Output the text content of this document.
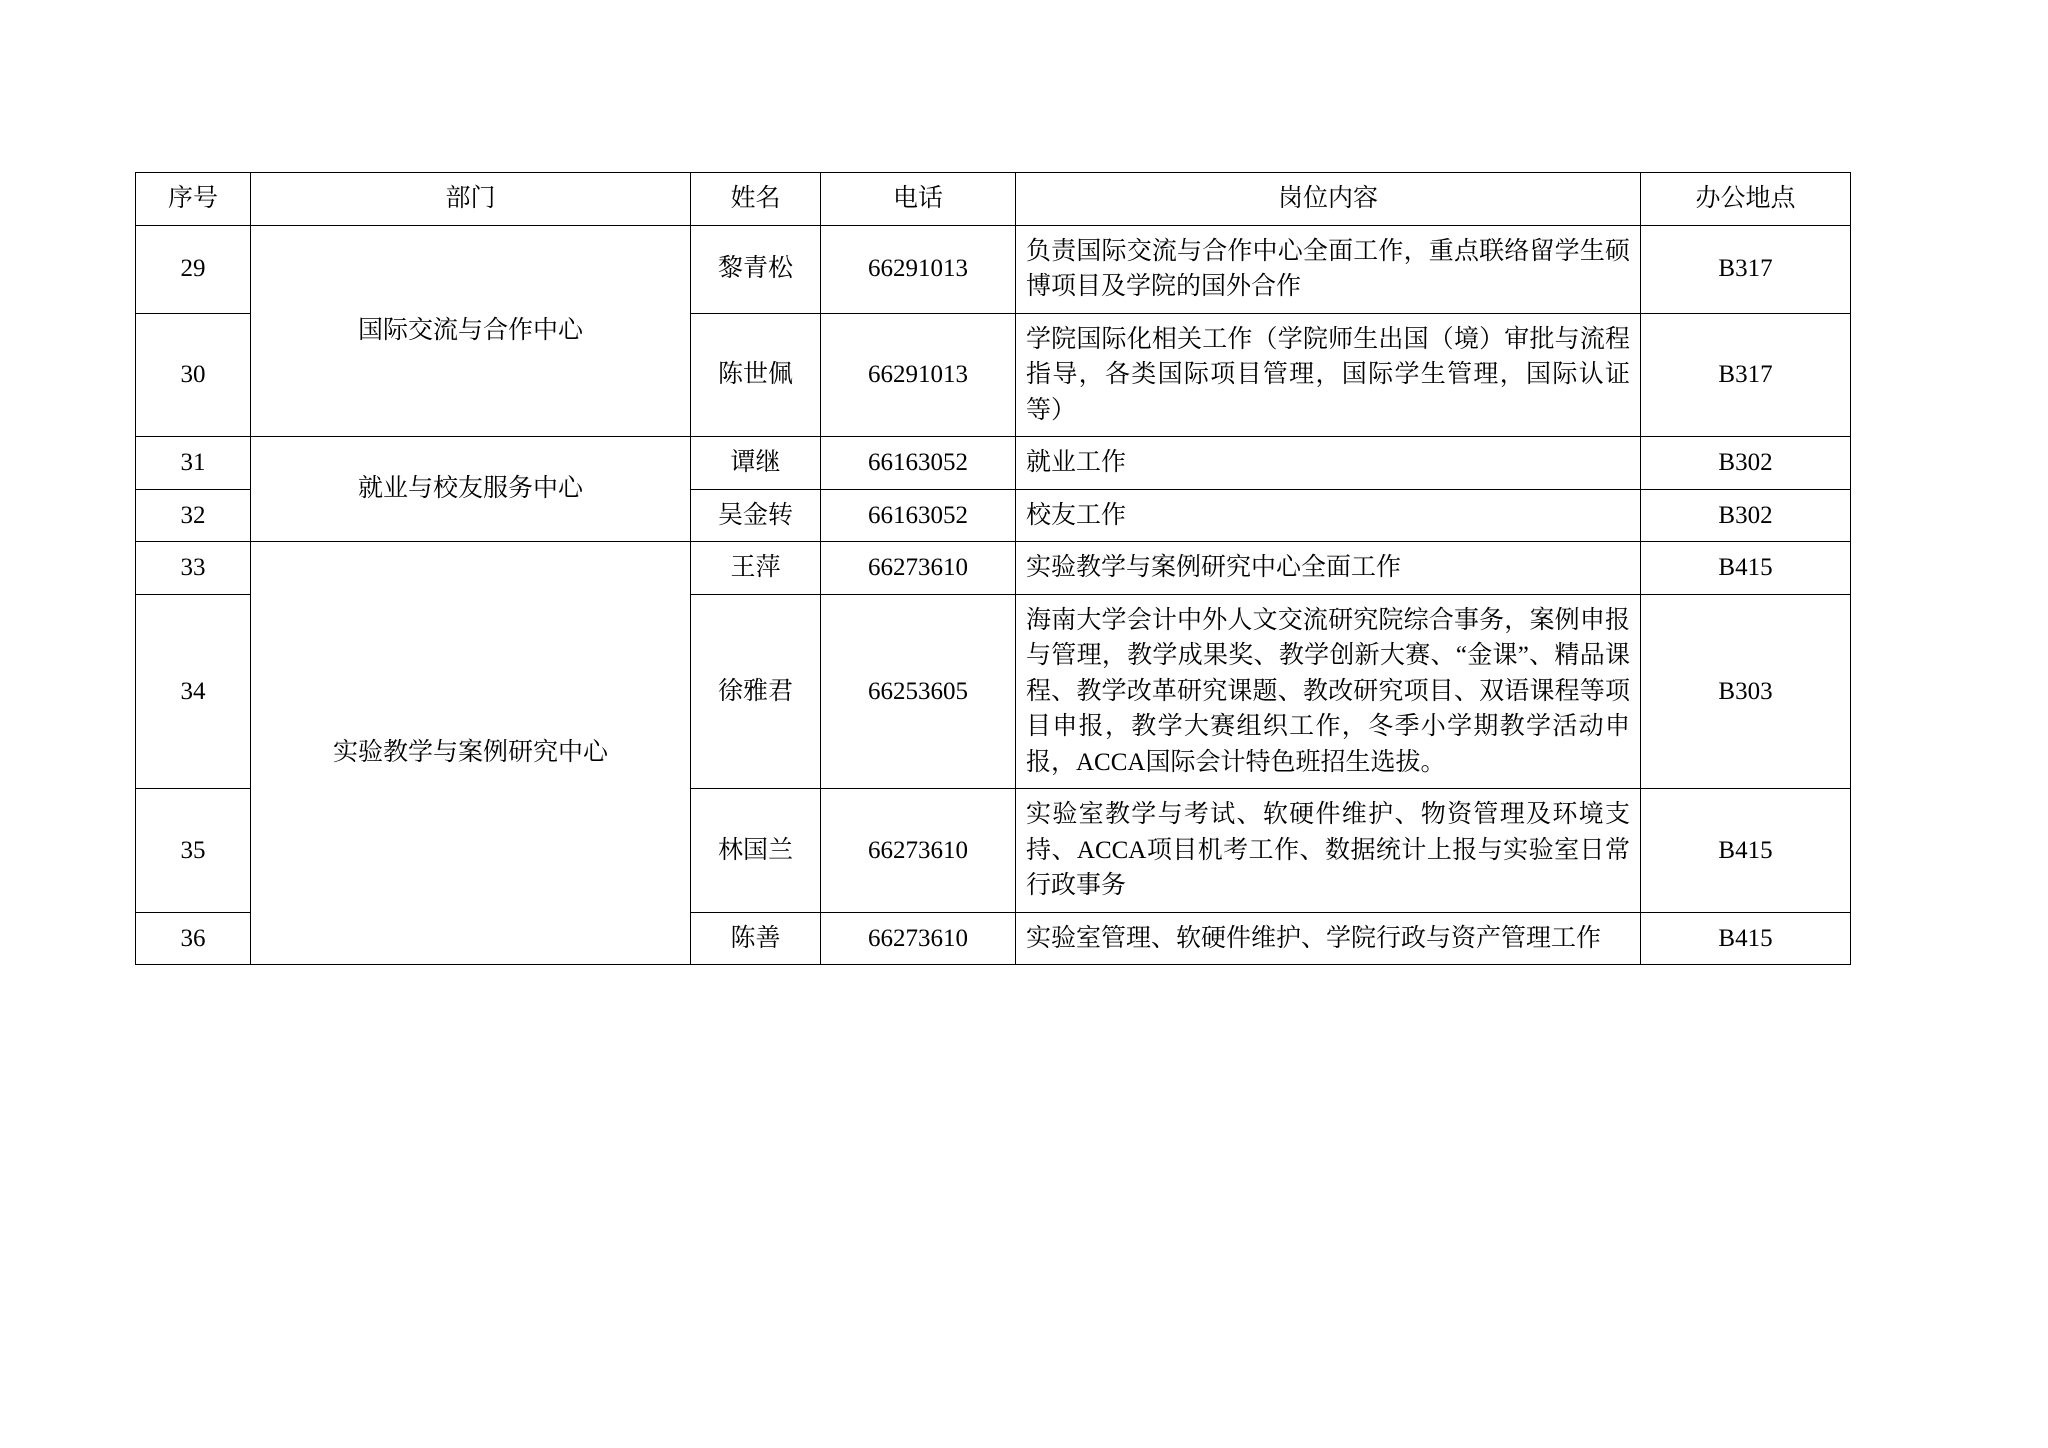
序号	部门	姓名	电话	岗位内容	办公地点
29	国际交流与合作中心	黎青松	66291013	负责国际交流与合作中心全面工作，重点联络留学生硕博项目及学院的国外合作	B317
30		陈世佩	66291013	学院国际化相关工作（学院师生出国（境）审批与流程指导，各类国际项目管理，国际学生管理，国际认证等）	B317
31	就业与校友服务中心	谭继	66163052	就业工作	B302
32		吴金转	66163052	校友工作	B302
33	实验教学与案例研究中心	王萍	66273610	实验教学与案例研究中心全面工作	B415
34		徐雅君	66253605	海南大学会计中外人文交流研究院综合事务，案例申报与管理，教学成果奖、教学创新大赛、“金课”、精品课程、教学改革研究课题、教改研究项目、双语课程等项目申报，教学大赛组织工作，冬季小学期教学活动申报，ACCA国际会计特色班招生选拔。	B303
35		林国兰	66273610	实验室教学与考试、软硬件维护、物资管理及环境支持、ACCA项目机考工作、数据统计上报与实验室日常行政事务	B415
36		陈善	66273610	实验室管理、软硬件维护、学院行政与资产管理工作	B415
